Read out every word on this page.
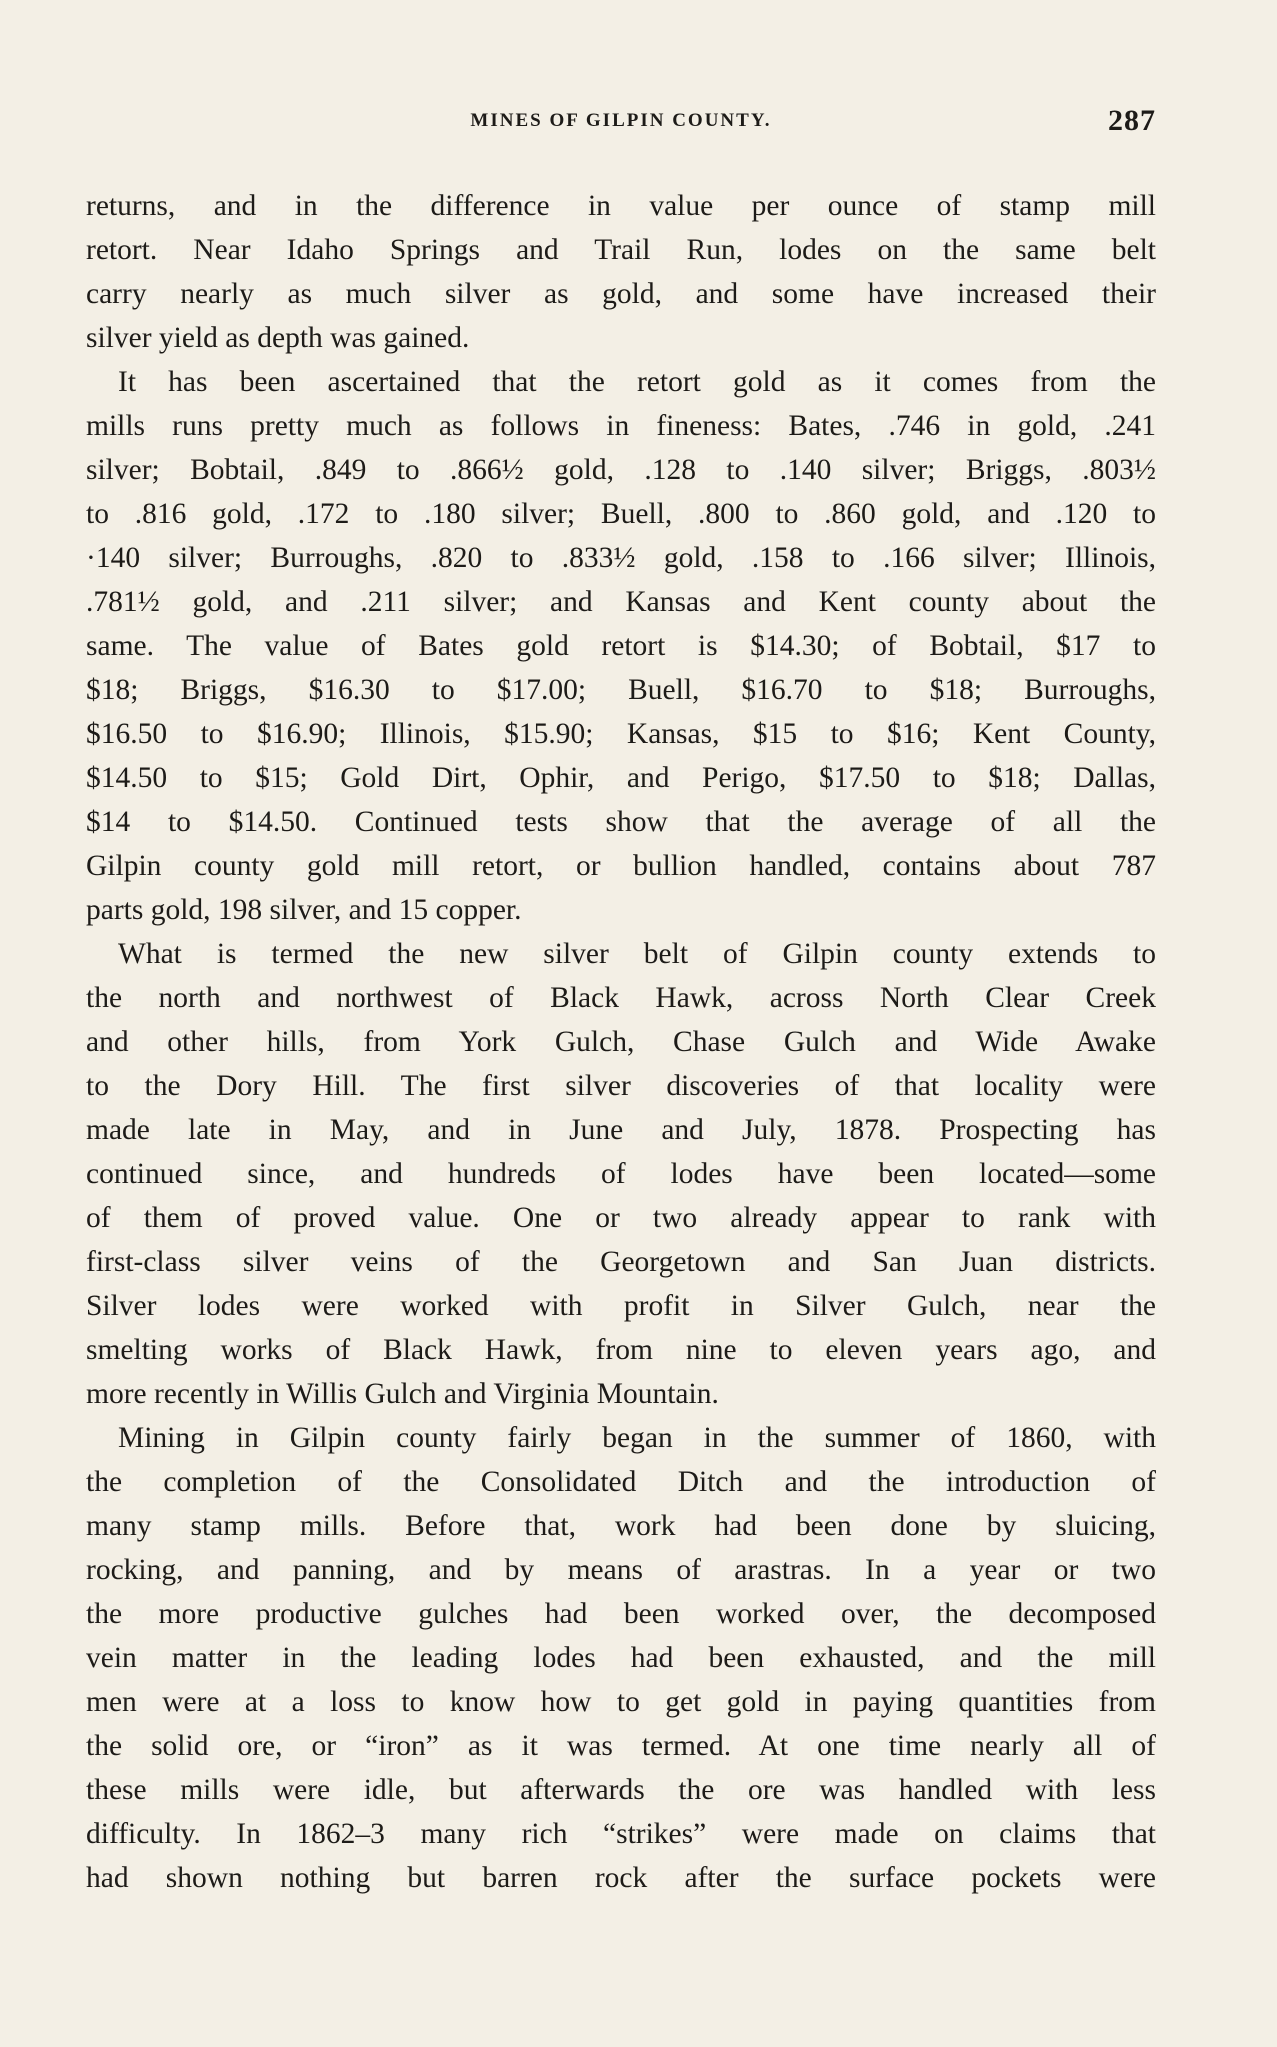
MINES OF GILPIN COUNTY.	287
returns, and in the difference in value per ounce of stamp mill
retort. Near Idaho Springs and Trail Run, lodes on the same belt
carry nearly as much silver as gold, and some have increased their
silver yield as depth was gained.
It has been ascertained that the retort gold as it comes from the
mills runs pretty much as follows in fineness: Bates, .746 in gold, .241
silver; Bobtail, .849 to .866½ gold, .128 to .140 silver; Briggs, .803½
to .816 gold, .172 to .180 silver; Buell, .800 to .860 gold, and .120 to
·140 silver; Burroughs, .820 to .833½ gold, .158 to .166 silver; Illinois,
.781½ gold, and .211 silver; and Kansas and Kent county about the
same. The value of Bates gold retort is $14.30; of Bobtail, $17 to
$18; Briggs, $16.30 to $17.00; Buell, $16.70 to $18; Burroughs,
$16.50 to $16.90; Illinois, $15.90; Kansas, $15 to $16; Kent County,
$14.50 to $15; Gold Dirt, Ophir, and Perigo, $17.50 to $18; Dallas,
$14 to $14.50. Continued tests show that the average of all the
Gilpin county gold mill retort, or bullion handled, contains about 787
parts gold, 198 silver, and 15 copper.
What is termed the new silver belt of Gilpin county extends to
the north and northwest of Black Hawk, across North Clear Creek
and other hills, from York Gulch, Chase Gulch and Wide Awake
to the Dory Hill. The first silver discoveries of that locality were
made late in May, and in June and July, 1878. Prospecting has
continued since, and hundreds of lodes have been located—some
of them of proved value. One or two already appear to rank with
first-class silver veins of the Georgetown and San Juan districts.
Silver lodes were worked with profit in Silver Gulch, near the
smelting works of Black Hawk, from nine to eleven years ago, and
more recently in Willis Gulch and Virginia Mountain.
Mining in Gilpin county fairly began in the summer of 1860, with
the completion of the Consolidated Ditch and the introduction of
many stamp mills. Before that, work had been done by sluicing,
rocking, and panning, and by means of arastras. In a year or two
the more productive gulches had been worked over, the decomposed
vein matter in the leading lodes had been exhausted, and the mill
men were at a loss to know how to get gold in paying quantities from
the solid ore, or “iron” as it was termed. At one time nearly all of
these mills were idle, but afterwards the ore was handled with less
difficulty. In 1862–3 many rich “strikes” were made on claims that
had shown nothing but barren rock after the surface pockets were
